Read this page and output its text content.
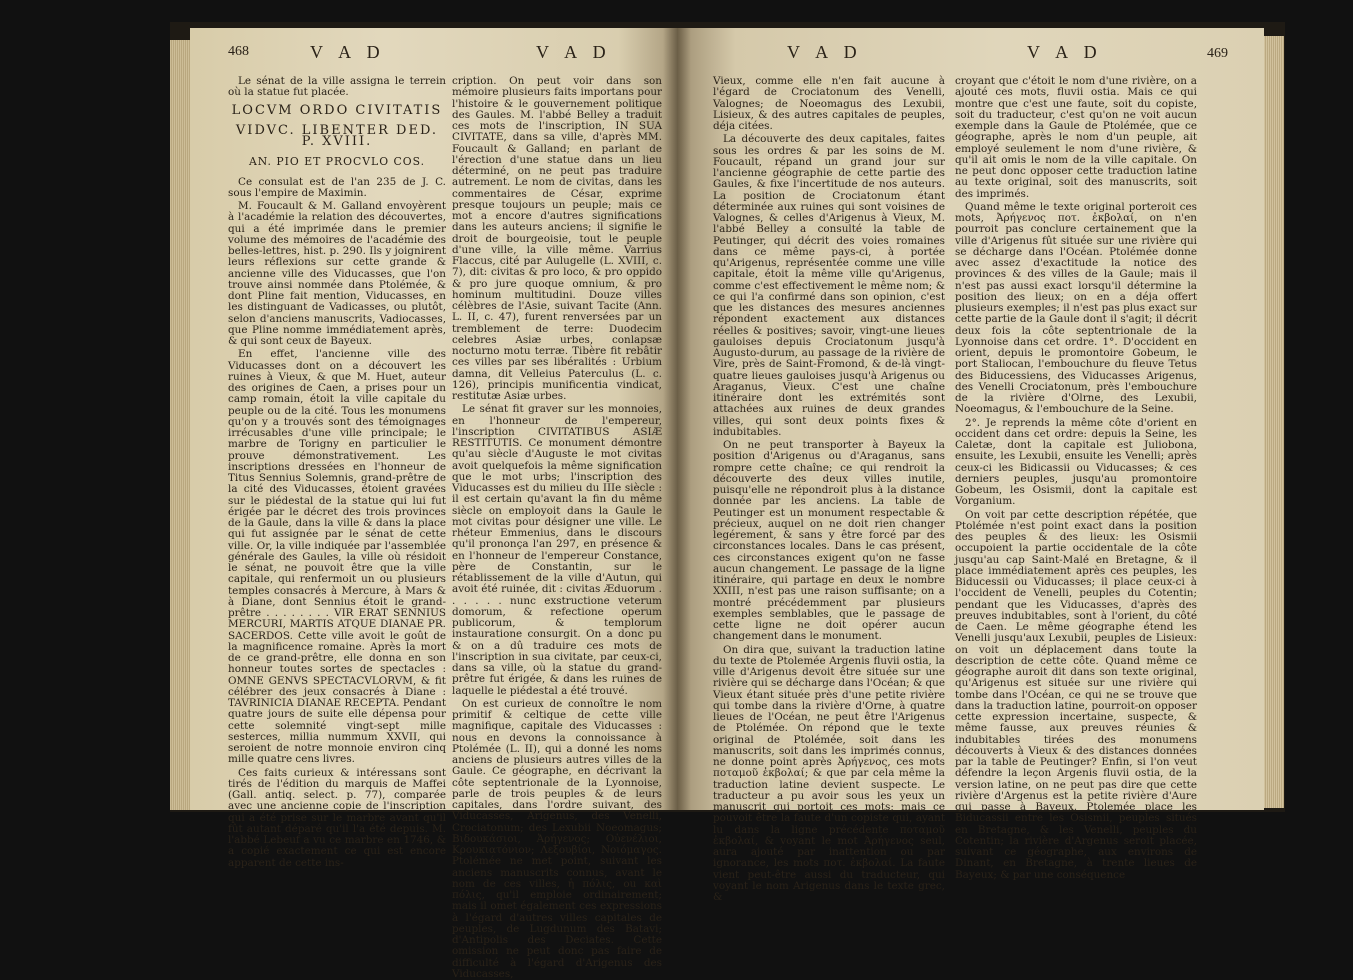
468	V A D	V A D

Le sénat de la ville assigna le terrein où la statue fut placée.

LOCVM ORDO CIVITATIS
VIDVC. LIBENTER DED. P. XVIII.
AN. PIO ET PROCVLO COS.

Ce consulat est de l'an 235 de J. C. sous l'empire de Maximin.

M. Foucault & M. Galland envoyèrent à l'académie la relation des découvertes, qui a été imprimée dans le premier volume des mémoires de l'académie des belles-lettres, hist. p. 290. Ils y joignirent leurs réflexions sur cette grande & ancienne ville des Viducasses, que l'on trouve ainsi nommée dans Ptolémée, & dont Pline fait mention, Viducasses, en les distinguant de Vadicasses, ou plutôt, selon d'anciens manuscrits, Vadiocasses, que Pline nomme immédiatement après, & qui sont ceux de Bayeux.

En effet, l'ancienne ville des Viducasses dont on a découvert les ruines à Vieux, & que M. Huet, auteur des origines de Caen, a prises pour un camp romain, étoit la ville capitale du peuple ou de la cité. Tous les monumens qu'on y a trouvés sont des témoignages irrécusables d'une ville principale; le marbre de Torigny en particulier le prouve démonstrativement. Les inscriptions dressées en l'honneur de Titus Sennius Solemnis, grand-prêtre de la cité des Viducasses, étoient gravées sur le piédestal de la statue qui lui fut érigée par le décret des trois provinces de la Gaule, dans la ville & dans la place qui fut assignée par le sénat de cette ville. Or, la ville indiquée par l'assemblée générale des Gaules, la ville où résidoit le sénat, ne pouvoit être que la ville capitale, qui renfermoit un ou plusieurs temples consacrés à Mercure, à Mars & à Diane, dont Sennius étoit le grand-prêtre . . . . . . . . VIR ERAT SENNIUS MERCURI, MARTIS ATQUE DIANAE PR. SACERDOS. Cette ville avoit le goût de la magnificence romaine. Après la mort de ce grand-prêtre, elle donna en son honneur toutes sortes de spectacles : OMNE GENVS SPECTACVLORVM, & fit célébrer des jeux consacrés à Diane : TAVRINICIA DIANAE RECEPTA. Pendant quatre jours de suite elle dépensa pour cette solemnité vingt-sept mille sesterces, millia nummum XXVII, qui seroient de notre monnoie environ cinq mille quatre cens livres.

Ces faits curieux & intéressans sont tirés de l'édition du marquis de Maffei (Gall. antiq. select. p. 77), comparée avec une ancienne copie de l'inscription qui a été prise sur le marbre avant qu'il fût autant déparé qu'il l'a été depuis. M. l'abbé Lebeuf a vu ce marbre en 1746, & a copié exactement ce qui est encore apparent de cette ins-

cription. On peut voir dans son mémoire plusieurs faits importans pour l'histoire & le gouvernement politique des Gaules. M. l'abbé Belley a traduit ces mots de l'inscription, IN SUA CIVITATE, dans sa ville, d'après MM. Foucault & Galland; en parlant de l'érection d'une statue dans un lieu déterminé, on ne peut pas traduire autrement. Le nom de civitas, dans les commentaires de César, exprime presque toujours un peuple; mais ce mot a encore d'autres significations dans les auteurs anciens; il signifie le droit de bourgeoisie, tout le peuple d'une ville, la ville même. Varrius Flaccus, cité par Aulugelle (L. XVIII, c. 7), dit: civitas & pro loco, & pro oppido & pro jure quoque omnium, & pro hominum multitudini. Douze villes célèbres de l'Asie, suivant Tacite (Ann. L. II, c. 47), furent renversées par un tremblement de terre: Duodecim celebres Asiæ urbes, conlapsæ nocturno motu terræ. Tibère fit rebâtir ces villes par ses libéralités : Urbium damna, dit Velleius Paterculus (L. c. 126), principis munificentia vindicat, restitutæ Asiæ urbes.

Le sénat fit graver sur les monnoies, en l'honneur de l'empereur, l'inscription CIVITATIBUS ASIÆ RESTITUTIS. Ce monument démontre qu'au siècle d'Auguste le mot civitas avoit quelquefois la même signification que le mot urbs; l'inscription des Viducasses est du milieu du IIIe siècle : il est certain qu'avant la fin du même siècle on employoit dans la Gaule le mot civitas pour désigner une ville. Le rhéteur Emmenius, dans le discours qu'il prononça l'an 297, en présence & en l'honneur de l'empereur Constance, père de Constantin, sur le rétablissement de la ville d'Autun, qui avoit été ruinée, dit : civitas Æduorum . . . . . . nunc exstructione veterum domorum, & refectione operum publicorum, & templorum instauratione consurgit. On a donc pu & on a dû traduire ces mots de l'inscription in sua civitate, par ceux-ci, dans sa ville, où la statue du grand-prêtre fut érigée, & dans les ruines de laquelle le piédestal a été trouvé.

On est curieux de connoître le nom primitif & celtique de cette ville magnifique, capitale des Viducasses : nous en devons la connoissance à Ptolémée (L. II), qui a donné les noms anciens de plusieurs autres villes de la Gaule. Ce géographe, en décrivant la côte septentrionale de la Lyonnoise, parle de trois peuples & de leurs capitales, dans l'ordre suivant, des Viducasses, Arigenus, des Venelli, Crociatonum; des Lexubii Noeomagus; Βιδουκάσιοι, Ἀρήγενος; Οὐενέλιοι, Κρουκιατόνιον; Λεξουβίοι, Νοιόμαγος. Ptolémée ne met point, suivant les anciens manuscrits connus, avant le nom de ces villes, ἡ πόλις, ou καὶ πόλις, qu'il emploie ordinairement; mais il omet également ces expressions à l'égard d'autres villes capitales de peuples, de Lugdunum des Batavi; d'Antipolis des Deciates. Cette omission ne peut donc pas faire de difficulté à l'égard d'Arigenus des Viducasses,

V A D	V A D	469

Vieux, comme elle n'en fait aucune à l'égard de Crociatonum des Venelli, Valognes; de Noeomagus des Lexubii, Lisieux, & des autres capitales de peuples, déja citées.

La découverte des deux capitales, faites sous les ordres & par les soins de M. Foucault, répand un grand jour sur l'ancienne géographie de cette partie des Gaules, & fixe l'incertitude de nos auteurs. La position de Crociatonum étant déterminée aux ruines qui sont voisines de Valognes, & celles d'Arigenus à Vieux, M. l'abbé Belley a consulté la table de Peutinger, qui décrit des voies romaines dans ce même pays-ci, à portée qu'Arigenus, représentée comme une ville capitale, étoit la même ville qu'Arigenus, comme c'est effectivement le même nom; & ce qui l'a confirmé dans son opinion, c'est que les distances des mesures anciennes répondent exactement aux distances réelles & positives; savoir, vingt-une lieues gauloises depuis Crociatonum jusqu'à Augusto-durum, au passage de la rivière de Vire, près de Saint-Fromond, & de-là vingt-quatre lieues gauloises jusqu'à Arigenus ou Araganus, Vieux. C'est une chaîne itinéraire dont les extrémités sont attachées aux ruines de deux grandes villes, qui sont deux points fixes & indubitables.

On ne peut transporter à Bayeux la position d'Arigenus ou d'Araganus, sans rompre cette chaîne; ce qui rendroit la découverte des deux villes inutile, puisqu'elle ne répondroit plus à la distance donnée par les anciens. La table de Peutinger est un monument respectable & précieux, auquel on ne doit rien changer legérement, & sans y être forcé par des circonstances locales. Dans le cas présent, ces circonstances exigent qu'on ne fasse aucun changement. Le passage de la ligne itinéraire, qui partage en deux le nombre XXIII, n'est pas une raison suffisante; on a montré précédemment par plusieurs exemples semblables, que le passage de cette ligne ne doit opérer aucun changement dans le monument.

On dira que, suivant la traduction latine du texte de Ptolemée Argenis fluvii ostia, la ville d'Arigenus devoit être située sur une rivière qui se décharge dans l'Océan; & que Vieux étant située près d'une petite rivière qui tombe dans la rivière d'Orne, à quatre lieues de l'Océan, ne peut être l'Arigenus de Ptolémée. On répond que le texte original de Ptolémée, soit dans les manuscrits, soit dans les imprimés connus, ne donne point après Ἀρήγενος, ces mots ποταμοῦ ἐκβολαί; & que par cela même la traduction latine devient suspecte. Le traducteur a pu avoir sous les yeux un manuscrit qui portoit ces mots; mais ce pouvoit être la faute d'un copiste qui, ayant lu dans la ligne précédente ποταμοῦ ἐκβολαί, & voyant le mot Ἀρήγενος seul, aura ajouté par inattention ou par ignorance, les mots ποτ. ἐκβολαί. La faute vient peut-être aussi du traducteur, qui voyant le nom Arigenus dans le texte grec, &

croyant que c'étoit le nom d'une rivière, on a ajouté ces mots, fluvii ostia. Mais ce qui montre que c'est une faute, soit du copiste, soit du traducteur, c'est qu'on ne voit aucun exemple dans la Gaule de Ptolémée, que ce géographe, après le nom d'un peuple, ait employé seulement le nom d'une rivière, & qu'il ait omis le nom de la ville capitale. On ne peut donc opposer cette traduction latine au texte original, soit des manuscrits, soit des imprimés.

Quand même le texte original porteroit ces mots, Ἀρήγενος ποτ. ἐκβολαί, on n'en pourroit pas conclure certainement que la ville d'Arigenus fût située sur une rivière qui se décharge dans l'Océan. Ptolémée donne avec assez d'exactitude la notice des provinces & des villes de la Gaule; mais il n'est pas aussi exact lorsqu'il détermine la position des lieux; on en a déja offert plusieurs exemples; il n'est pas plus exact sur cette partie de la Gaule dont il s'agit; il décrit deux fois la côte septentrionale de la Lyonnoise dans cet ordre. 1°. D'occident en orient, depuis le promontoire Gobeum, le port Staliocan, l'embouchure du fleuve Tetus des Biducessiens, des Viducasses Arigenus, des Venelli Crociatonum, près l'embouchure de la rivière d'Olrne, des Lexubii, Noeomagus, & l'embouchure de la Seine.

2°. Je reprends la même côte d'orient en occident dans cet ordre: depuis la Seine, les Caletæ, dont la capitale est Juliobona, ensuite, les Lexubii, ensuite les Venelli; après ceux-ci les Bidicassii ou Viducasses; & ces derniers peuples, jusqu'au promontoire Gobeum, les Osismii, dont la capitale est Vorganium.

On voit par cette description répétée, que Ptolémée n'est point exact dans la position des peuples & des lieux: les Osismii occupoient la partie occidentale de la côte jusqu'au cap Saint-Malé en Bretagne, & il place immédiatement après ces peuples, les Biducessii ou Viducasses; il place ceux-ci à l'occident de Venelli, peuples du Cotentin; pendant que les Viducasses, d'après des preuves indubitables, sont à l'orient, du côté de Caen. Le même géographe étend les Venelli jusqu'aux Lexubii, peuples de Lisieux: on voit un déplacement dans toute la description de cette côte. Quand même ce géographe auroit dit dans son texte original, qu'Arigenus est située sur une rivière qui tombe dans l'Océan, ce qui ne se trouve que dans la traduction latine, pourroit-on opposer cette expression incertaine, suspecte, & même fausse, aux preuves réunies & indubitables tirées des monumens découverts à Vieux & des distances données par la table de Peutinger? Enfin, si l'on veut défendre la leçon Argenis fluvii ostia, de la version latine, on ne peut pas dire que cette rivière d'Argenus est la petite rivière d'Aure qui passe à Bayeux. Ptolemée place les Biducassii entre les Osismii, peuples situés en Bretagne, & les Venelli, peuples du Cotentin; la rivière d'Argenus seroit placée, suivant ce géographe, aux environs de Dinant, en Bretagne, à trente lieues de Bayeux; & par une conséquence
